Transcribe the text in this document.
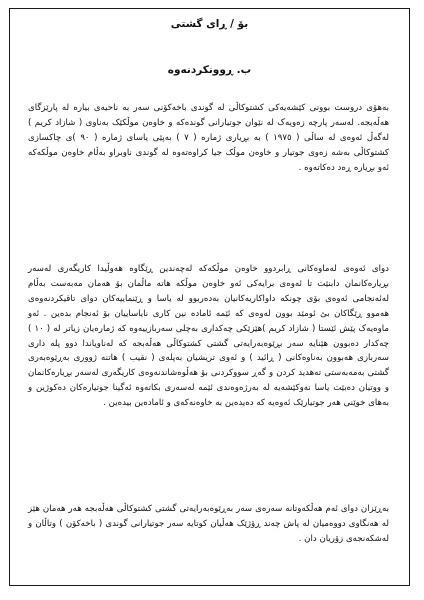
بۆ / ڕای گشتی
ب. ڕوونکردنەوە

بەهۆی دروست بوونی کێشەیەکی کشتوکاڵی لە گوندی باخەکۆنی سەر بە ناحیەی بیارە لە پارێزگای هەڵەبجە. لەسەر پارچە زەویەک لە نێوان جوتیارانی گوندەکە و خاوەن موڵکێک بەناوی ( شازاد کریم ) لەگەڵ ئەوەی لە ساڵی ( ١٩٧٥ ) بە بڕیاری ژمارە ( ٧ ) بەپێی یاسای ژمارە ( ٩٠ )ی چاکسازی کشتوکاڵی بەشە زەوی جوتیار و خاوەن موڵک جیا کراوەتەوە لە گوندی ناوبراو بەڵام خاوەن موڵکەکە ئەو بڕیارە ڕەد دەکاتەوە .

دوای ئەوەی لەماوەکانی ڕابردوو خاوەن موڵکەکە لەچەندین ڕێگاوە هەوڵیدا کاریگەری لەسەر بڕیارەکانمان دابنێت تا ئەوەی برایەکی ئەو خاوەن موڵکە هاتە ماڵمان بۆ هەمان مەبەست بەڵام لەئەنجامی ئەوەی بۆی چونکە داواکاریەکانیان بەدەربوو لە یاسا و ڕێنماییەکان دوای تاقیکردنەوەی هەموو ڕێگاکان بێ ئومێد بوون لەوەی کە ئێمە ئامادە نین کاری نایاساییان بۆ ئەنجام بدەین . ئەو ماوەیەک پێش ئێستا ( شازاد کریم )هێزێکی چەکداری بەچلی سەربازییەوە کە ژمارەیان زیاتر لە ( ١٠ ) چەکدار دەبوون هێنایە سەر بڕێوەبەرایەتی گشتی کشتوکاڵی هەڵەبجە کە لەناویاندا دوو پلە داری سەربازی هەبوون بەناوەکانی ( ڕائید ) و ئەوی تریشیان بەپلەی ( نقیب ) هاتنە ژووری بەڕێوەبەری گشتی بەمەبەستی تەهدید کردن و گەڕ سووکردنی بۆ هەڵوەشاندنەوەی کاریگەری لەسەر بڕیارەکانمان و ووتیان دەبێت یاسا نەوکێشەیە لە بەرژەوەندی ئێمە لەسەری بکاتەوە ئەگینا جوتیارەکان دەکوژین و بەهای خوێنی هەر جوتیارێک ئەوەیە کە دەیدەین بە خاوەنەکەی و ئامادەین بیدەین .

بەڕێزان دوای ئەم هەڵکەوتانە سەرەی سەر بەڕێوەبەرایەتی گشتی کشتوکاڵی هەڵەبجە هەر هەمان هێز لە هەنگاوی دووەمیان لە پاش چەند ڕۆژێک هەڵیان کوتایە سەر جوتیارانی گوندی ( باخەکۆن ) وتاڵان و لەشکەنجەی زۆریان دان .
